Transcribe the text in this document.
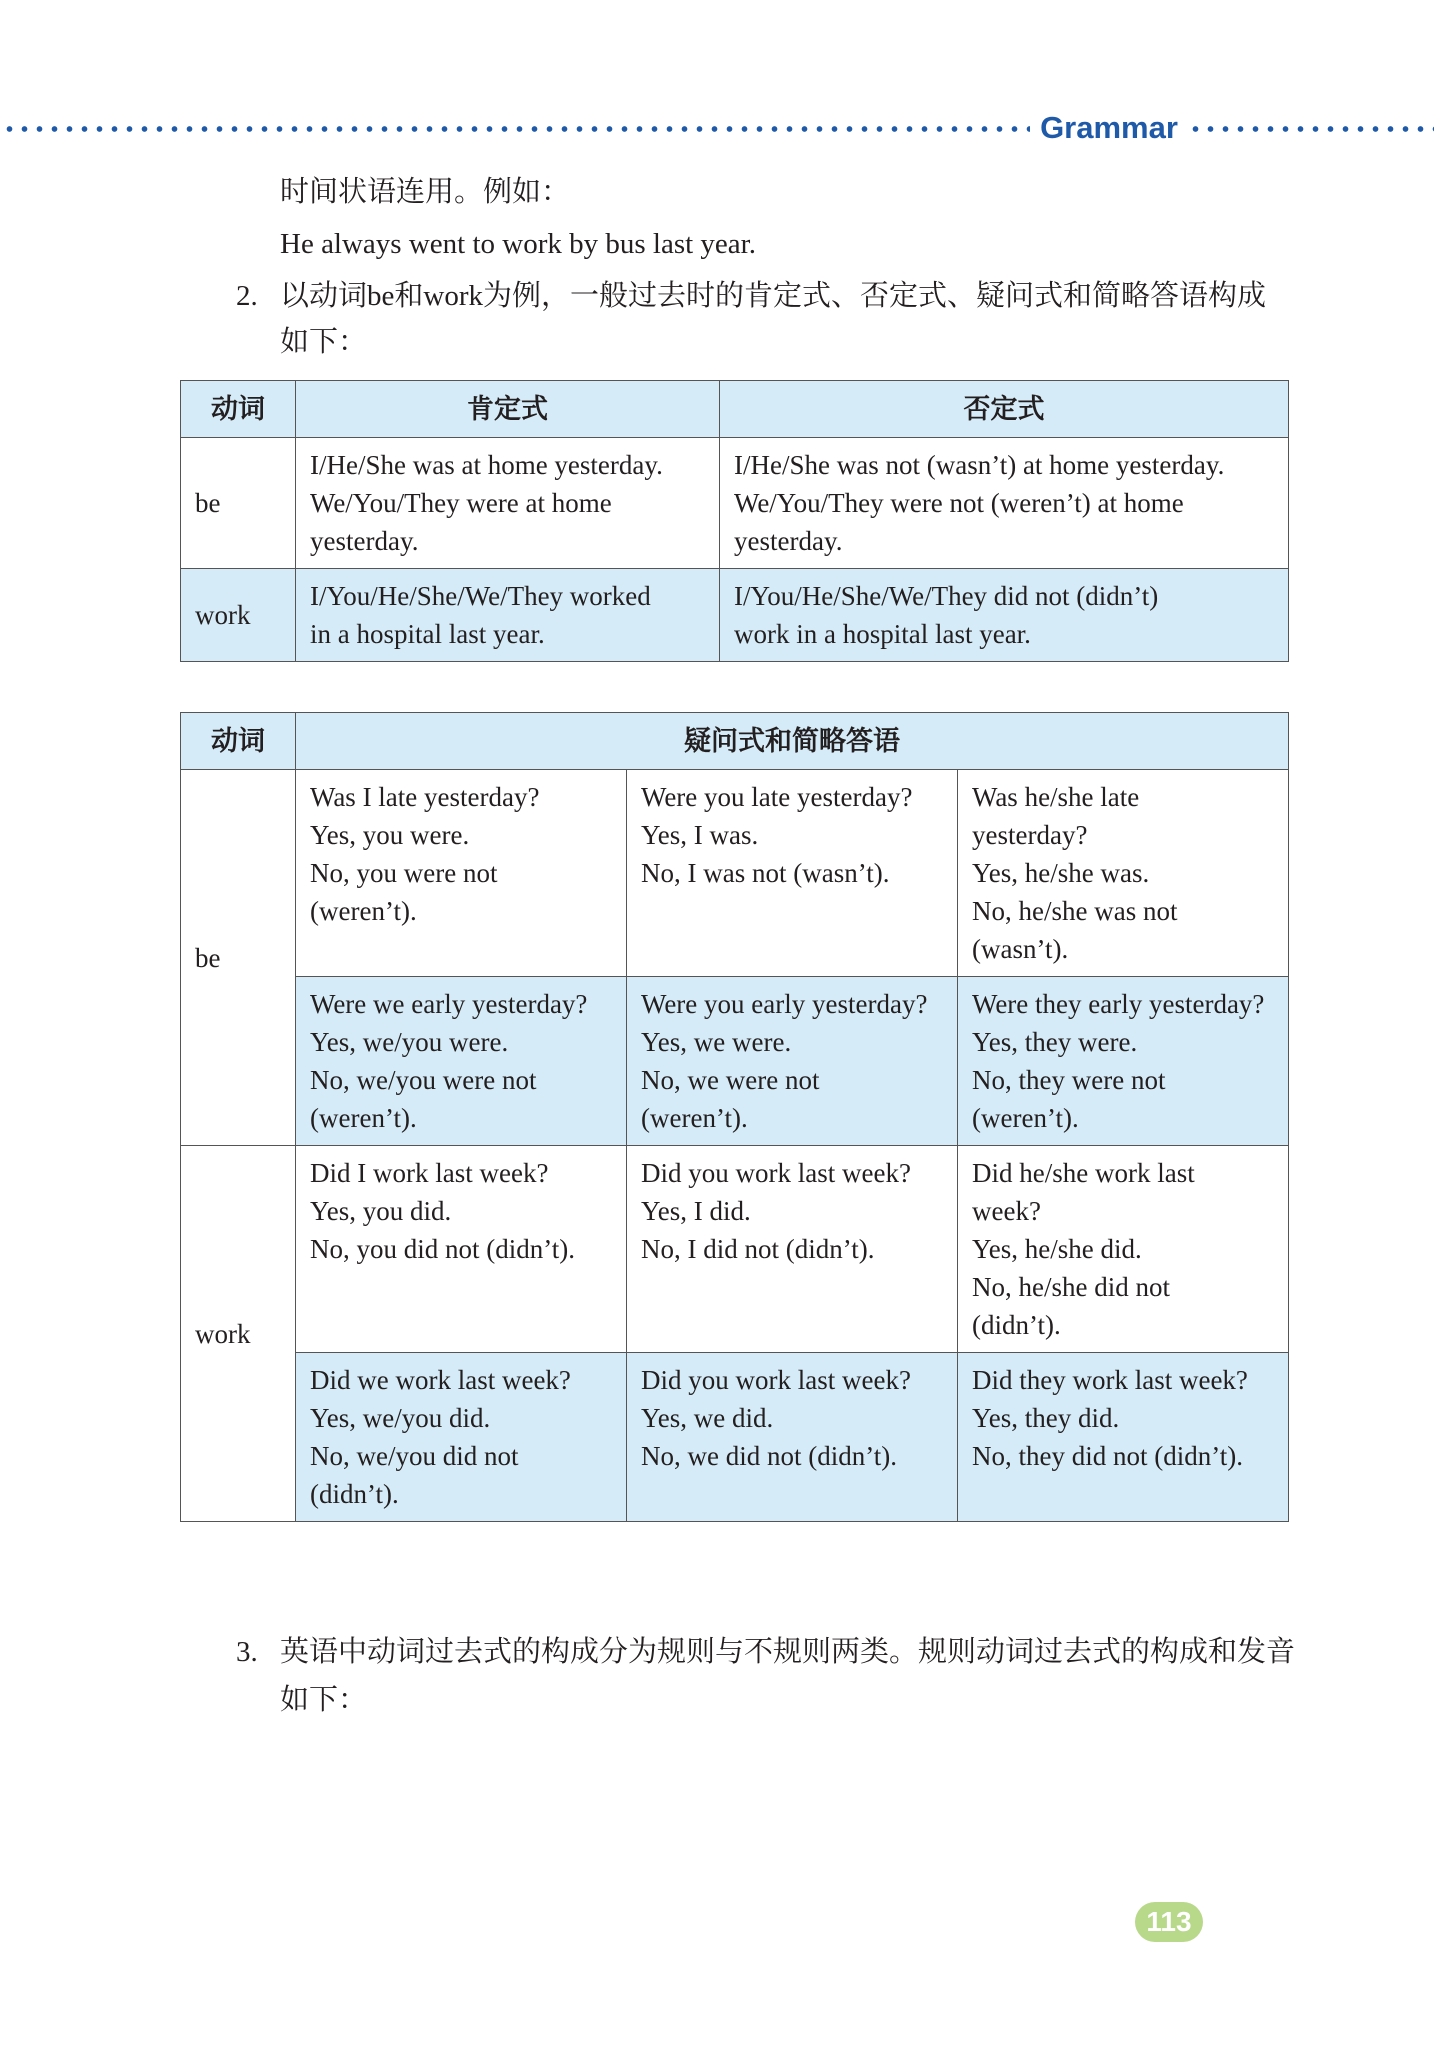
Grammar

时间状语连用。例如：

He always went to work by bus last year.

2. 以动词be和work为例，一般过去时的肯定式、否定式、疑问式和简略答语构成

如下：

动词	肯定式	否定式
be	I/He/She was at home yesterday.
We/You/They were at home
yesterday.	I/He/She was not (wasn’t) at home yesterday.
We/You/They were not (weren’t) at home
yesterday.
work	I/You/He/She/We/They worked
in a hospital last year.	I/You/He/She/We/They did not (didn’t)
work in a hospital last year.
动词	疑问式和简略答语		
be	Was I late yesterday?
Yes, you were.
No, you were not
(weren’t).	Were you late yesterday?
Yes, I was.
No, I was not (wasn’t).	Was he/she late
yesterday?
Yes, he/she was.
No, he/she was not
(wasn’t).
	Were we early yesterday?
Yes, we/you were.
No, we/you were not
(weren’t).	Were you early yesterday?
Yes, we were.
No, we were not
(weren’t).	Were they early yesterday?
Yes, they were.
No, they were not
(weren’t).
work	Did I work last week?
Yes, you did.
No, you did not (didn’t).	Did you work last week?
Yes, I did.
No, I did not (didn’t).	Did he/she work last
week?
Yes, he/she did.
No, he/she did not
(didn’t).
	Did we work last week?
Yes, we/you did.
No, we/you did not
(didn’t).	Did you work last week?
Yes, we did.
No, we did not (didn’t).	Did they work last week?
Yes, they did.
No, they did not (didn’t).
3. 英语中动词过去式的构成分为规则与不规则两类。规则动词过去式的构成和发音

如下：

113
